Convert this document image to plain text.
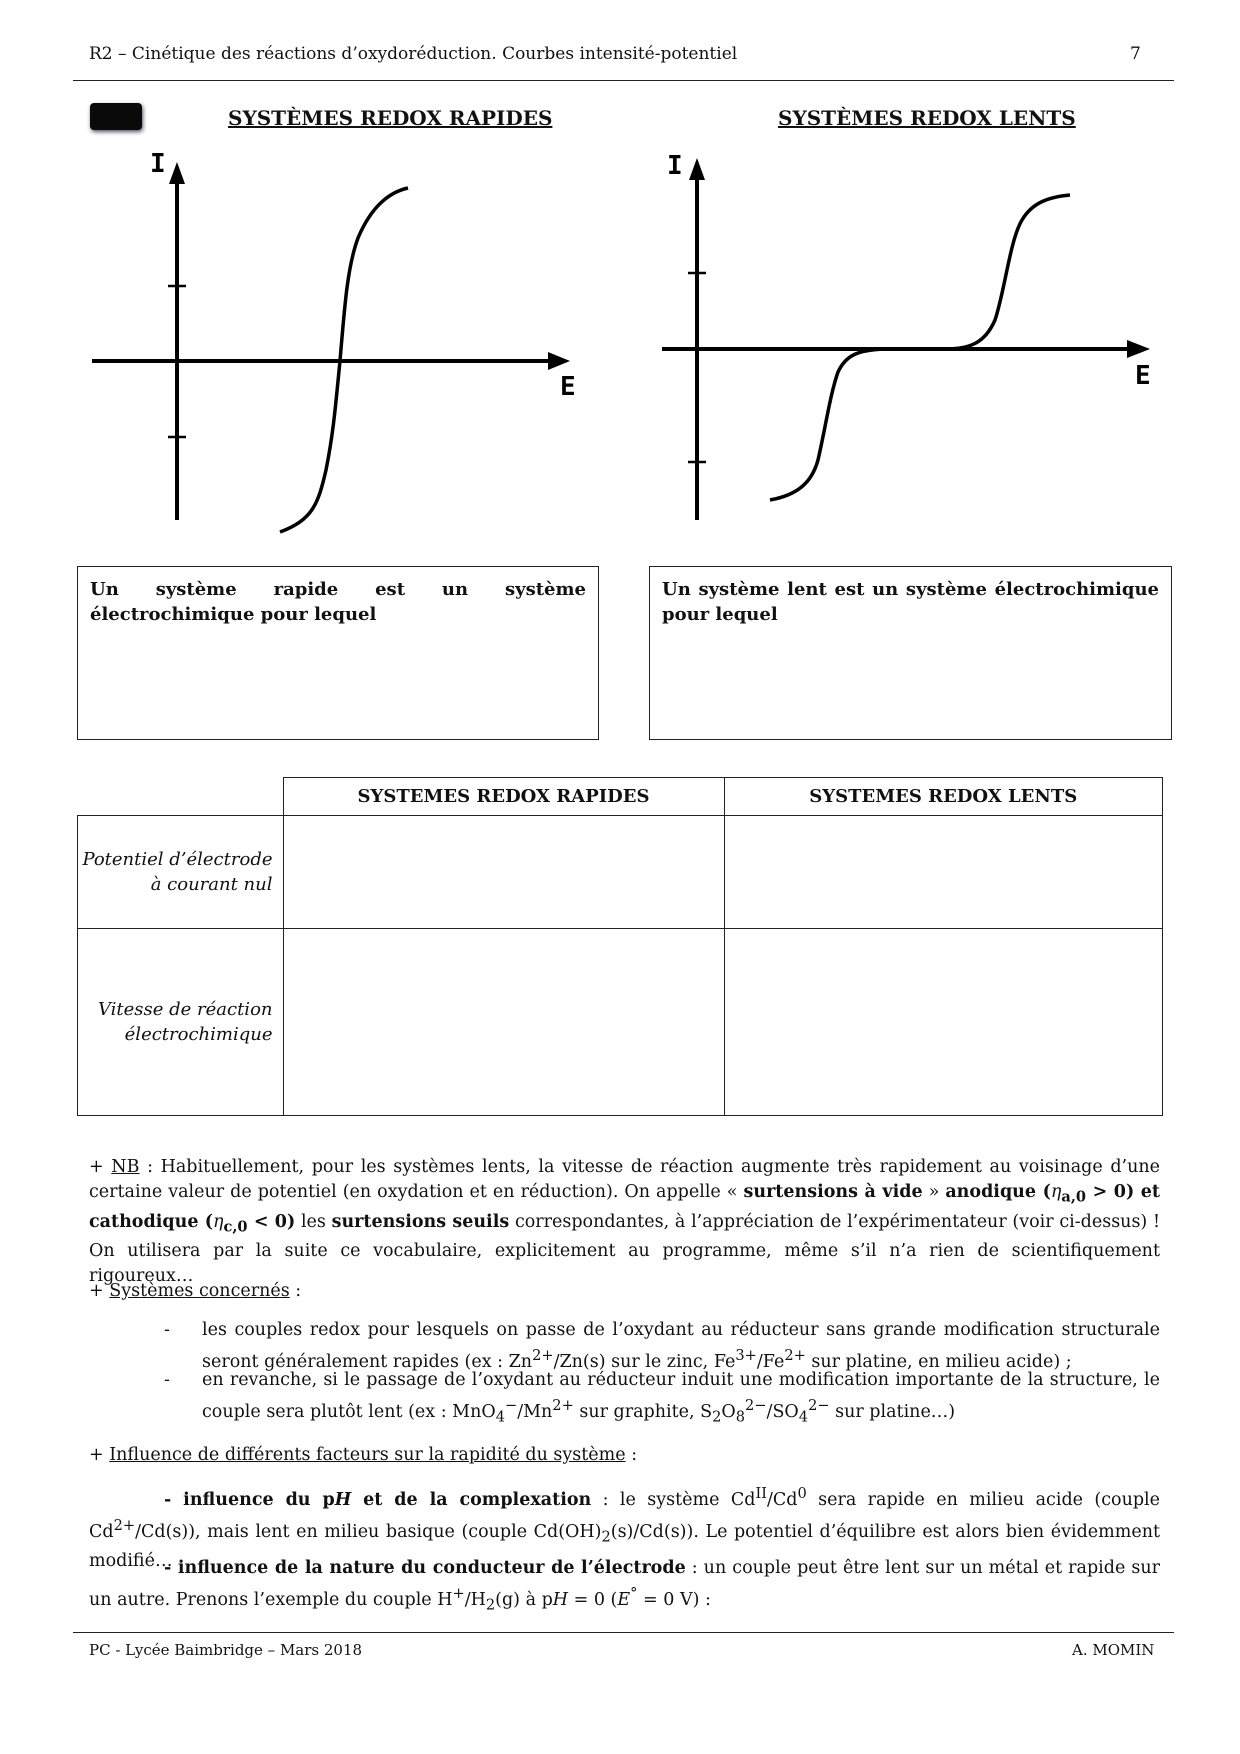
R2 – Cinétique des réactions d’oxydoréduction. Courbes intensité-potentiel	7
SYSTÈMES REDOX RAPIDES	SYSTÈMES REDOX LENTS
I
E
I
E
Un système rapide est un système électrochimique pour lequel
Un système lent est un système électrochimique pour lequel
	SYSTEMES REDOX RAPIDES	SYSTEMES REDOX LENTS
Potentiel d’électrode
à courant nul		
Vitesse de réaction
électrochimique		
+ NB : Habituellement, pour les systèmes lents, la vitesse de réaction augmente très rapidement au voisinage d’une certaine valeur de potentiel (en oxydation et en réduction). On appelle « surtensions à vide » anodique $(\eta_{a,0} > 0)$ et cathodique $(\eta_{c,0} < 0)$ les surtensions seuils correspondantes, à l’appréciation de l’expérimentateur (voir ci-dessus) ! On utilisera par la suite ce vocabulaire, explicitement au programme, même s’il n’a rien de scientifiquement rigoureux…
+ Systèmes concernés :
- les couples redox pour lesquels on passe de l’oxydant au réducteur sans grande modification structurale seront généralement rapides (ex : $Zn^{2+}/Zn(s)$ sur le zinc, $Fe^{3+}/Fe^{2+}$ sur platine, en milieu acide) ;
- en revanche, si le passage de l’oxydant au réducteur induit une modification importante de la structure, le couple sera plutôt lent (ex : $MnO_4^-/Mn^{2+}$ sur graphite, $S_2O_8^{2-}/SO_4^{2-}$ sur platine…)
+ Influence de différents facteurs sur la rapidité du système :
- influence du pH et de la complexation : le système $Cd^{II}/Cd^0$ sera rapide en milieu acide (couple $Cd^{2+}/Cd(s)$), mais lent en milieu basique (couple $Cd(OH)_2(s)/Cd(s)$). Le potentiel d’équilibre est alors bien évidemment modifié…
- influence de la nature du conducteur de l’électrode : un couple peut être lent sur un métal et rapide sur un autre. Prenons l’exemple du couple $H^+/H_2(g)$ à pH = 0 (E° = 0 V) :
PC - Lycée Baimbridge – Mars 2018	A. MOMIN
